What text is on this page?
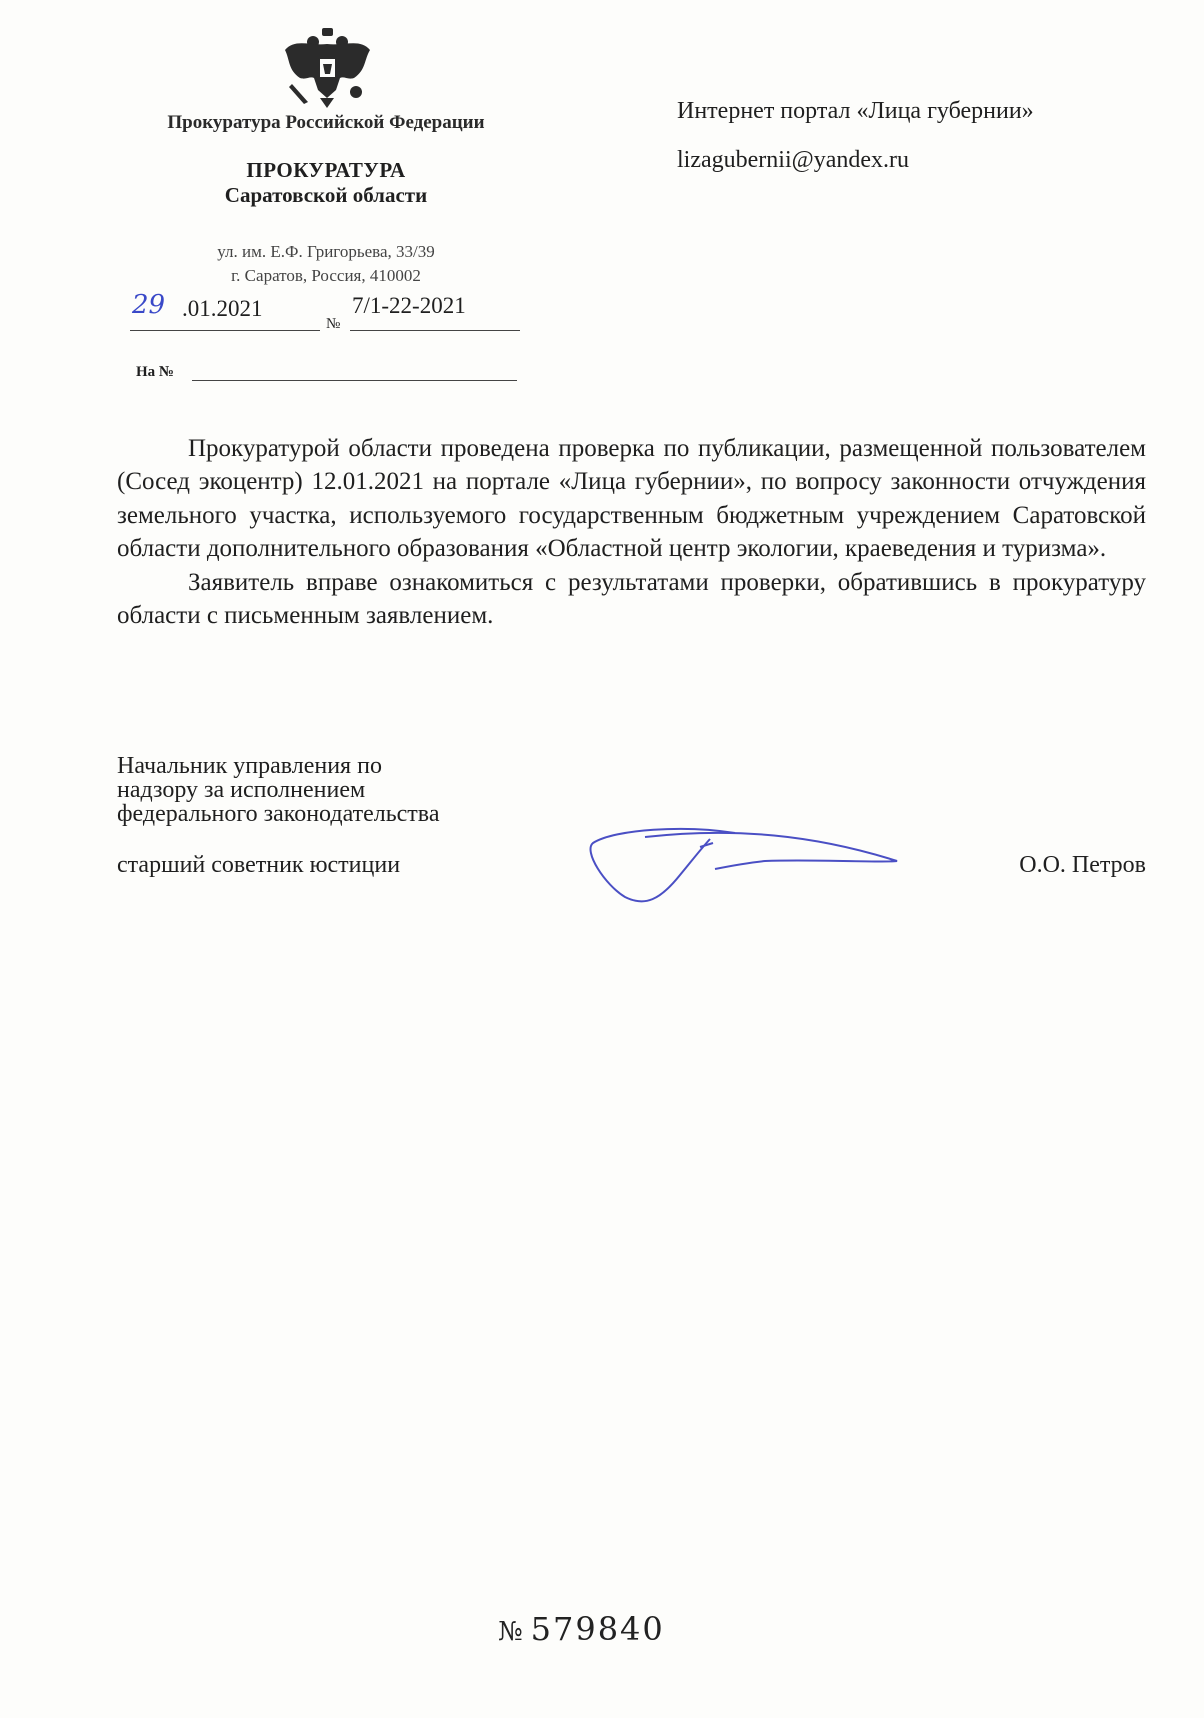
Прокуратура Российской Федерации
ПРОКУРАТУРА
Саратовской области
ул. им. Е.Ф. Григорьева, 33/39
г. Саратов, Россия, 410002
29 .01.2021
№
7/1-22-2021
На №
Интернет портал «Лица губернии»
lizagubernii@yandex.ru

Прокуратурой области проведена проверка по публикации, размещенной пользователем (Сосед экоцентр) 12.01.2021 на портале «Лица губернии», по вопросу законности отчуждения земельного участка, используемого государственным бюджетным учреждением Саратовской области дополнительного образования «Областной центр экологии, краеведения и туризма».

Заявитель вправе ознакомиться с результатами проверки, обратившись в прокуратуру области с письменным заявлением.

Начальник управления по
надзору за исполнением
федерального законодательства
старший советник юстиции	О.О. Петров
№ 579840
